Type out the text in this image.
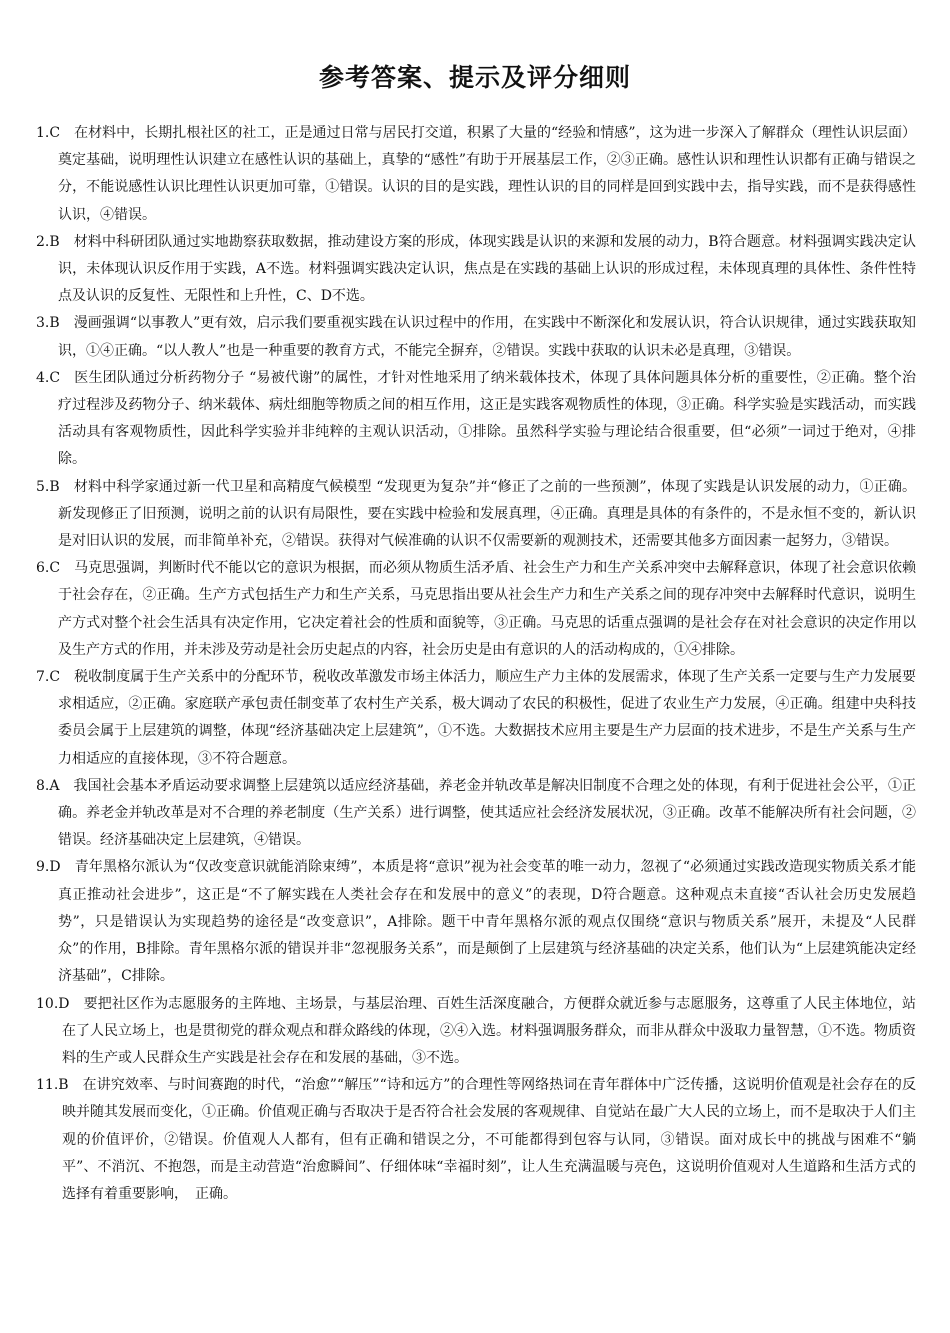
参考答案、提示及评分细则

1.C 在材料中，长期扎根社区的社工，正是通过日常与居民打交道，积累了大量的“经验和情感”，这为进一步深入了解群众（理性认识层面）奠定基础，说明理性认识建立在感性认识的基础上，真挚的“感性”有助于开展基层工作，②③正确。感性认识和理性认识都有正确与错误之分，不能说感性认识比理性认识更加可靠，①错误。认识的目的是实践，理性认识的目的同样是回到实践中去，指导实践，而不是获得感性认识，④错误。

2.B 材料中科研团队通过实地勘察获取数据，推动建设方案的形成，体现实践是认识的来源和发展的动力，B符合题意。材料强调实践决定认识，未体现认识反作用于实践，A不选。材料强调实践决定认识，焦点是在实践的基础上认识的形成过程，未体现真理的具体性、条件性特点及认识的反复性、无限性和上升性，C、D不选。

3.B 漫画强调“以事教人”更有效，启示我们要重视实践在认识过程中的作用，在实践中不断深化和发展认识，符合认识规律，通过实践获取知识，①④正确。“以人教人”也是一种重要的教育方式，不能完全摒弃，②错误。实践中获取的认识未必是真理，③错误。

4.C 医生团队通过分析药物分子 “易被代谢”的属性，才针对性地采用了纳米载体技术，体现了具体问题具体分析的重要性，②正确。整个治疗过程涉及药物分子、纳米载体、病灶细胞等物质之间的相互作用，这正是实践客观物质性的体现，③正确。科学实验是实践活动，而实践活动具有客观物质性，因此科学实验并非纯粹的主观认识活动，①排除。虽然科学实验与理论结合很重要，但“必须”一词过于绝对，④排除。

5.B 材料中科学家通过新一代卫星和高精度气候模型 “发现更为复杂”并“修正了之前的一些预测”，体现了实践是认识发展的动力，①正确。新发现修正了旧预测，说明之前的认识有局限性，要在实践中检验和发展真理，④正确。真理是具体的有条件的，不是永恒不变的，新认识是对旧认识的发展，而非简单补充，②错误。获得对气候准确的认识不仅需要新的观测技术，还需要其他多方面因素一起努力，③错误。

6.C 马克思强调，判断时代不能以它的意识为根据，而必须从物质生活矛盾、社会生产力和生产关系冲突中去解释意识，体现了社会意识依赖于社会存在，②正确。生产方式包括生产力和生产关系，马克思指出要从社会生产力和生产关系之间的现存冲突中去解释时代意识，说明生产方式对整个社会生活具有决定作用，它决定着社会的性质和面貌等，③正确。马克思的话重点强调的是社会存在对社会意识的决定作用以及生产方式的作用，并未涉及劳动是社会历史起点的内容，社会历史是由有意识的人的活动构成的，①④排除。

7.C 税收制度属于生产关系中的分配环节，税收改革激发市场主体活力，顺应生产力主体的发展需求，体现了生产关系一定要与生产力发展要求相适应，②正确。家庭联产承包责任制变革了农村生产关系，极大调动了农民的积极性，促进了农业生产力发展，④正确。组建中央科技委员会属于上层建筑的调整，体现“经济基础决定上层建筑”，①不选。大数据技术应用主要是生产力层面的技术进步，不是生产关系与生产力相适应的直接体现，③不符合题意。

8.A 我国社会基本矛盾运动要求调整上层建筑以适应经济基础，养老金并轨改革是解决旧制度不合理之处的体现，有利于促进社会公平，①正确。养老金并轨改革是对不合理的养老制度（生产关系）进行调整，使其适应社会经济发展状况，③正确。改革不能解决所有社会问题，②错误。经济基础决定上层建筑，④错误。

9.D 青年黑格尔派认为“仅改变意识就能消除束缚”，本质是将“意识”视为社会变革的唯一动力，忽视了“必须通过实践改造现实物质关系才能真正推动社会进步”，这正是“不了解实践在人类社会存在和发展中的意义”的表现，D符合题意。这种观点未直接“否认社会历史发展趋势”，只是错误认为实现趋势的途径是“改变意识”，A排除。题干中青年黑格尔派的观点仅围绕“意识与物质关系”展开，未提及“人民群众”的作用，B排除。青年黑格尔派的错误并非“忽视服务关系”，而是颠倒了上层建筑与经济基础的决定关系，他们认为“上层建筑能决定经济基础”，C排除。

10.D 要把社区作为志愿服务的主阵地、主场景，与基层治理、百姓生活深度融合，方便群众就近参与志愿服务，这尊重了人民主体地位，站在了人民立场上，也是贯彻党的群众观点和群众路线的体现，②④入选。材料强调服务群众，而非从群众中汲取力量智慧，①不选。物质资料的生产或人民群众生产实践是社会存在和发展的基础，③不选。

11.B 在讲究效率、与时间赛跑的时代，“治愈”“解压”“诗和远方”的合理性等网络热词在青年群体中广泛传播，这说明价值观是社会存在的反映并随其发展而变化，①正确。价值观正确与否取决于是否符合社会发展的客观规律、自觉站在最广大人民的立场上，而不是取决于人们主观的价值评价，②错误。价值观人人都有，但有正确和错误之分，不可能都得到包容与认同，③错误。面对成长中的挑战与困难不“躺平”、不消沉、不抱怨，而是主动营造“治愈瞬间”、仔细体味“幸福时刻”，让人生充满温暖与亮色，这说明价值观对人生道路和生活方式的选择有着重要影响，　正确。
